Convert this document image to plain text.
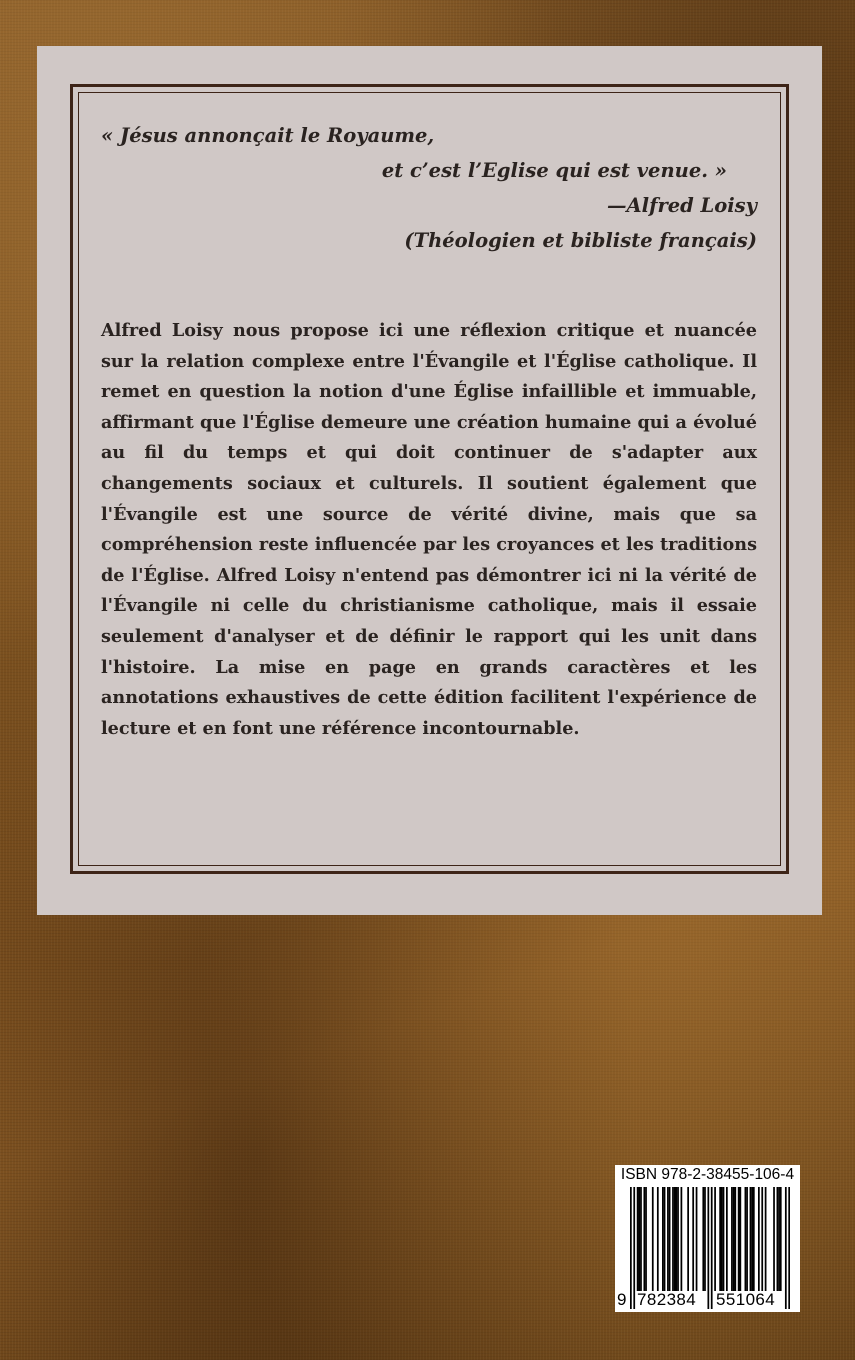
« Jésus annonçait le Royaume,
et c’est l’Eglise qui est venue. »
—Alfred Loisy
(Théologien et bibliste français)

Alfred Loisy nous propose ici une réflexion critique et nuancée sur la relation complexe entre l'Évangile et l'Église catholique. Il remet en question la notion d'une Église infaillible et immuable, affirmant que l'Église demeure une création humaine qui a évolué au fil du temps et qui doit continuer de s'adapter aux changements sociaux et culturels. Il soutient également que l'Évangile est une source de vérité divine, mais que sa compréhension reste influencée par les croyances et les traditions de l'Église. Alfred Loisy n'entend pas démontrer ici ni la vérité de l'Évangile ni celle du christianisme catholique, mais il essaie seulement d'analyser et de définir le rapport qui les unit dans l'histoire. La mise en page en grands caractères et les annotations exhaustives de cette édition facilitent l'expérience de lecture et en font une référence incontournable.

ISBN 978-2-38455-106-4
9 782384 551064
